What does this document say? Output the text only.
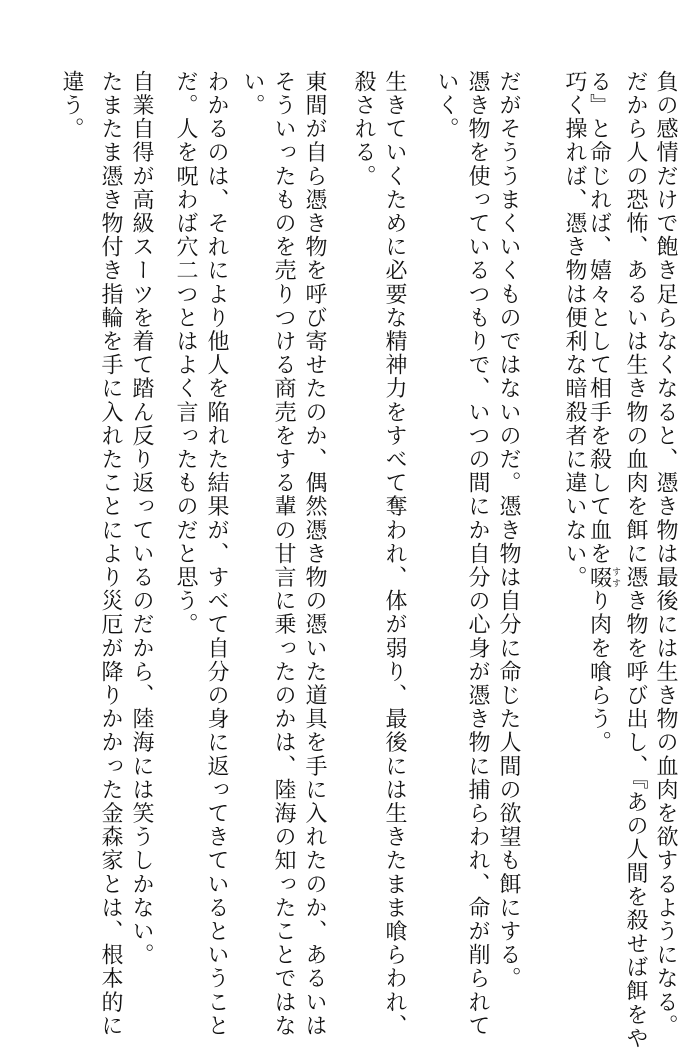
負の感情だけで飽き足らなくなると、憑き物は最後には生き物の血肉を欲するようになる。
だから人の恐怖、あるいは生き物の血肉を餌に憑き物を呼び出し、『あの人間を殺せば餌をや
る』と命じれば、嬉々として相手を殺して血を啜すすり肉を喰らう。
巧く操れば、憑き物は便利な暗殺者に違いない。
だがそううまくいくものではないのだ。憑き物は自分に命じた人間の欲望も餌にする。
憑き物を使っているつもりで、いつの間にか自分の心身が憑き物に捕らわれ、命が削られて
いく。
生きていくために必要な精神力をすべて奪われ、体が弱り、最後には生きたまま喰らわれ、
殺される。
東間が自ら憑き物を呼び寄せたのか、偶然憑き物の憑いた道具を手に入れたのか、あるいは
そういったものを売りつける商売をする輩の甘言に乗ったのかは、陸海の知ったことではな
い。
わかるのは、それにより他人を陥れた結果が、すべて自分の身に返ってきているということ
だ。人を呪わば穴二つとはよく言ったものだと思う。
自業自得が高級スーツを着て踏ん反り返っているのだから、陸海には笑うしかない。
たまたま憑き物付き指輪を手に入れたことにより災厄が降りかかった金森家とは、根本的に
違う。
